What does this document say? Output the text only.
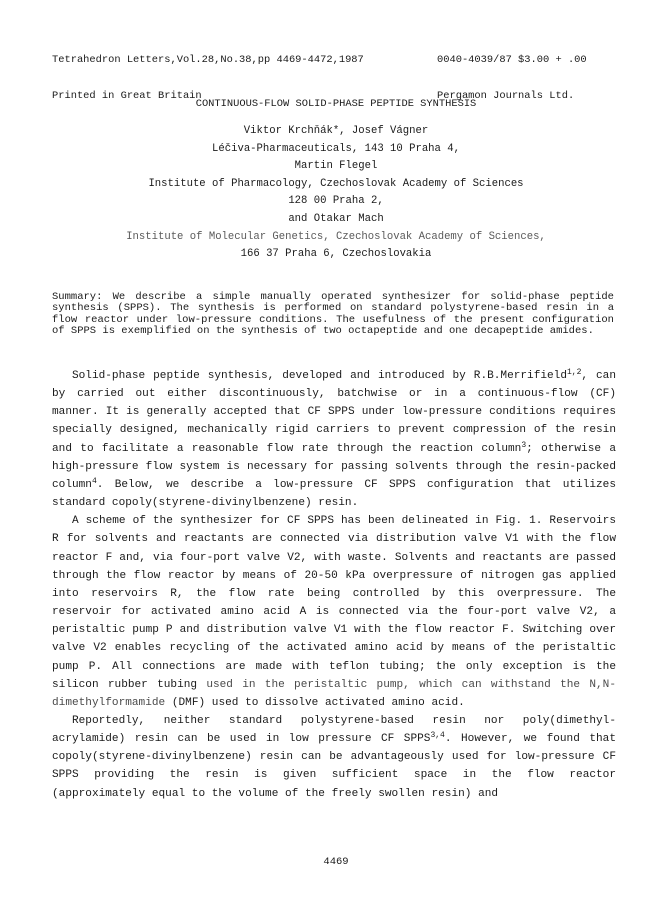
Tetrahedron Letters,Vol.28,No.38,pp 4469-4472,1987

Printed in Great Britain

0040-4039/87 $3.00 + .00

Pergamon Journals Ltd.

CONTINUOUS-FLOW SOLID-PHASE PEPTIDE SYNTHESIS
Viktor Krchňák*, Josef Vágner
Léčiva-Pharmaceuticals, 143 10 Praha 4,
Martin Flegel
Institute of Pharmacology, Czechoslovak Academy of Sciences
128 00 Praha 2,
and Otakar Mach
Institute of Molecular Genetics, Czechoslovak Academy of Sciences,
166 37 Praha 6, Czechoslovakia
Summary: We describe a simple manually operated synthesizer for solid-phase peptide synthesis (SPPS). The synthesis is performed on standard polystyrene-based resin in a flow reactor under low-pressure conditions. The usefulness of the present configuration of SPPS is exemplified on the synthesis of two octapeptide and one decapeptide amides.

Solid-phase peptide synthesis, developed and introduced by R.B.Merrifield$^{1,2}$, can by carried out either discontinuously, batchwise or in a continuous-flow (CF) manner. It is generally accepted that CF SPPS under low-pressure conditions requires specially designed, mechanically rigid carriers to prevent compression of the resin and to facilitate a reasonable flow rate through the reaction column$^3$; otherwise a high-pressure flow system is necessary for passing solvents through the resin-packed column$^4$. Below, we describe a low-pressure CF SPPS configuration that utilizes standard copoly(styrene-divinylbenzene) resin.

A scheme of the synthesizer for CF SPPS has been delineated in Fig. 1. Reservoirs R for solvents and reactants are connected via distribution valve V1 with the flow reactor F and, via four-port valve V2, with waste. Solvents and reactants are passed through the flow reactor by means of 20-50 kPa overpressure of nitrogen gas applied into reservoirs R, the flow rate being controlled by this overpressure. The reservoir for activated amino acid A is connected via the four-port valve V2, a peristaltic pump P and distribution valve V1 with the flow reactor F. Switching over valve V2 enables recycling of the activated amino acid by means of the peristaltic pump P. All connections are made with teflon tubing; the only exception is the silicon rubber tubing used in the peristaltic pump, which can withstand the N,N-dimethylformamide (DMF) used to dissolve activated amino acid.

Reportedly, neither standard polystyrene-based resin nor poly(dimethyl-acrylamide) resin can be used in low pressure CF SPPS$^{3,4}$. However, we found that copoly(styrene-divinylbenzene) resin can be advantageously used for low-pressure CF SPPS providing the resin is given sufficient space in the flow reactor (approximately equal to the volume of the freely swollen resin) and

4469
